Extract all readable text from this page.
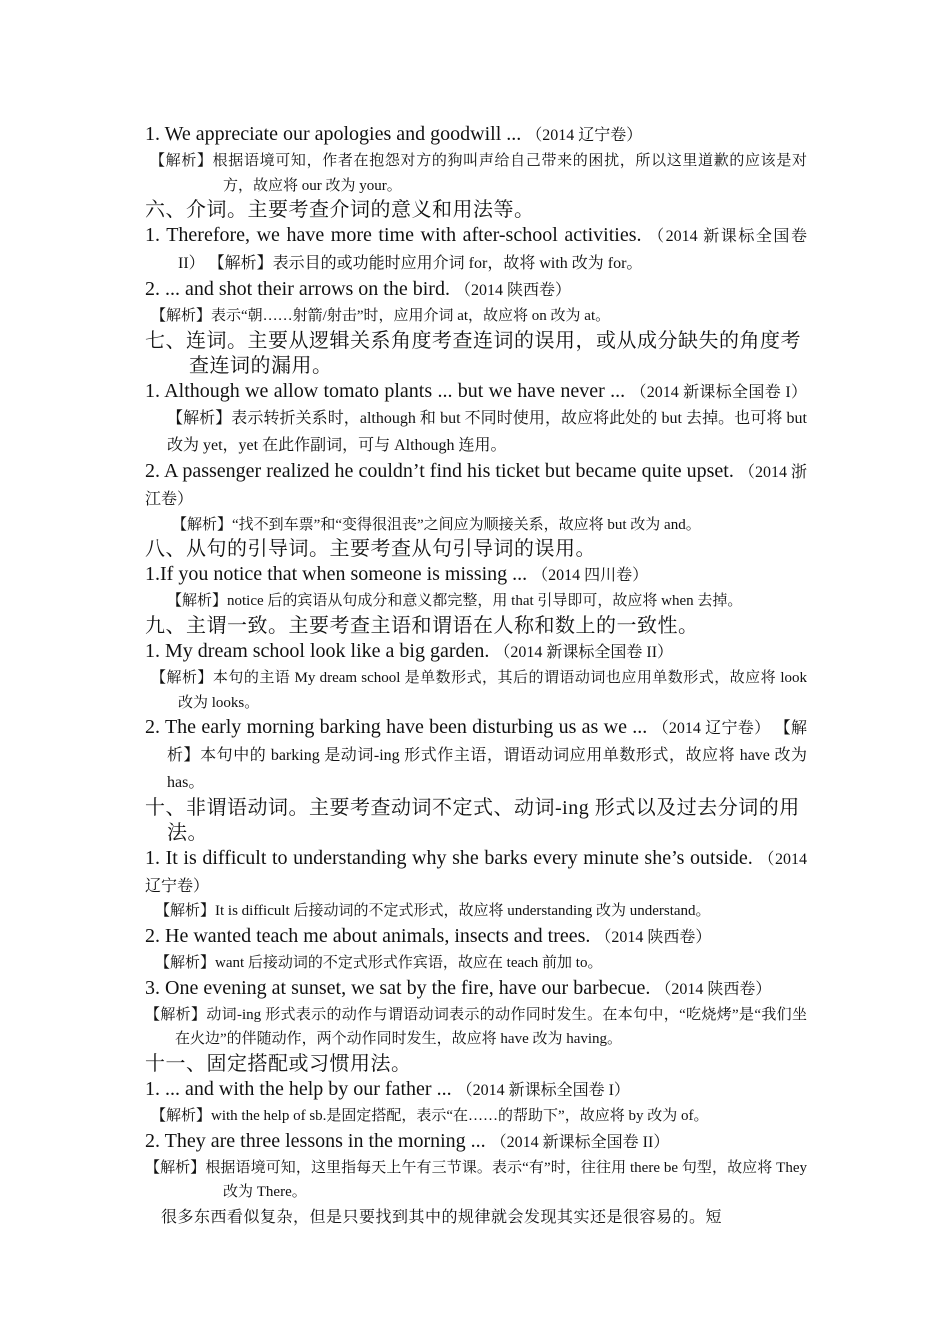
1. We appreciate our apologies and goodwill ... （2014 辽宁卷）

【解析】根据语境可知，作者在抱怨对方的狗叫声给自己带来的困扰，所以这里道歉的应该是对方，故应将 our 改为 your。

六、介词。主要考查介词的意义和用法等。

1. Therefore, we have more time with after-school activities. （2014 新课标全国卷 II） 【解析】表示目的或功能时应用介词 for，故将 with 改为 for。

2. ... and shot their arrows on the bird. （2014 陕西卷）

【解析】表示“朝……射箭/射击”时，应用介词 at，故应将 on 改为 at。

七、连词。主要从逻辑关系角度考查连词的误用，或从成分缺失的角度考查连词的漏用。

1. Although we allow tomato plants ... but we have never ... （2014 新课标全国卷 I） 【解析】表示转折关系时，although 和 but 不同时使用，故应将此处的 but 去掉。也可将 but 改为 yet，yet 在此作副词，可与 Although 连用。

2. A passenger realized he couldn’t find his ticket but became quite upset. （2014 浙江卷）

【解析】“找不到车票”和“变得很沮丧”之间应为顺接关系，故应将 but 改为 and。

八、从句的引导词。主要考查从句引导词的误用。

1.If you notice that when someone is missing ... （2014 四川卷）

【解析】notice 后的宾语从句成分和意义都完整，用 that 引导即可，故应将 when 去掉。

九、主谓一致。主要考查主语和谓语在人称和数上的一致性。

1. My dream school look like a big garden. （2014 新课标全国卷 II）

【解析】本句的主语 My dream school 是单数形式，其后的谓语动词也应用单数形式，故应将 look 改为 looks。

2. The early morning barking have been disturbing us as we ... （2014 辽宁卷） 【解析】本句中的 barking 是动词-ing 形式作主语，谓语动词应用单数形式，故应将 have 改为 has。

十、非谓语动词。主要考查动词不定式、动词-ing 形式以及过去分词的用法。

1. It is difficult to understanding why she barks every minute she’s outside. （2014 辽宁卷）

【解析】It is difficult 后接动词的不定式形式，故应将 understanding 改为 understand。

2. He wanted teach me about animals, insects and trees. （2014 陕西卷）

【解析】want 后接动词的不定式形式作宾语，故应在 teach 前加 to。

3. One evening at sunset, we sat by the fire, have our barbecue. （2014 陕西卷）

【解析】动词-ing 形式表示的动作与谓语动词表示的动作同时发生。在本句中，“吃烧烤”是“我们坐在火边”的伴随动作，两个动作同时发生，故应将 have 改为 having。

十一、固定搭配或习惯用法。

1. ... and with the help by our father ... （2014 新课标全国卷 I）

【解析】with the help of sb.是固定搭配，表示“在……的帮助下”，故应将 by 改为 of。

2. They are three lessons in the morning ... （2014 新课标全国卷 II）

【解析】根据语境可知，这里指每天上午有三节课。表示“有”时，往往用 there be 句型，故应将 They 改为 There。

很多东西看似复杂，但是只要找到其中的规律就会发现其实还是很容易的。短
